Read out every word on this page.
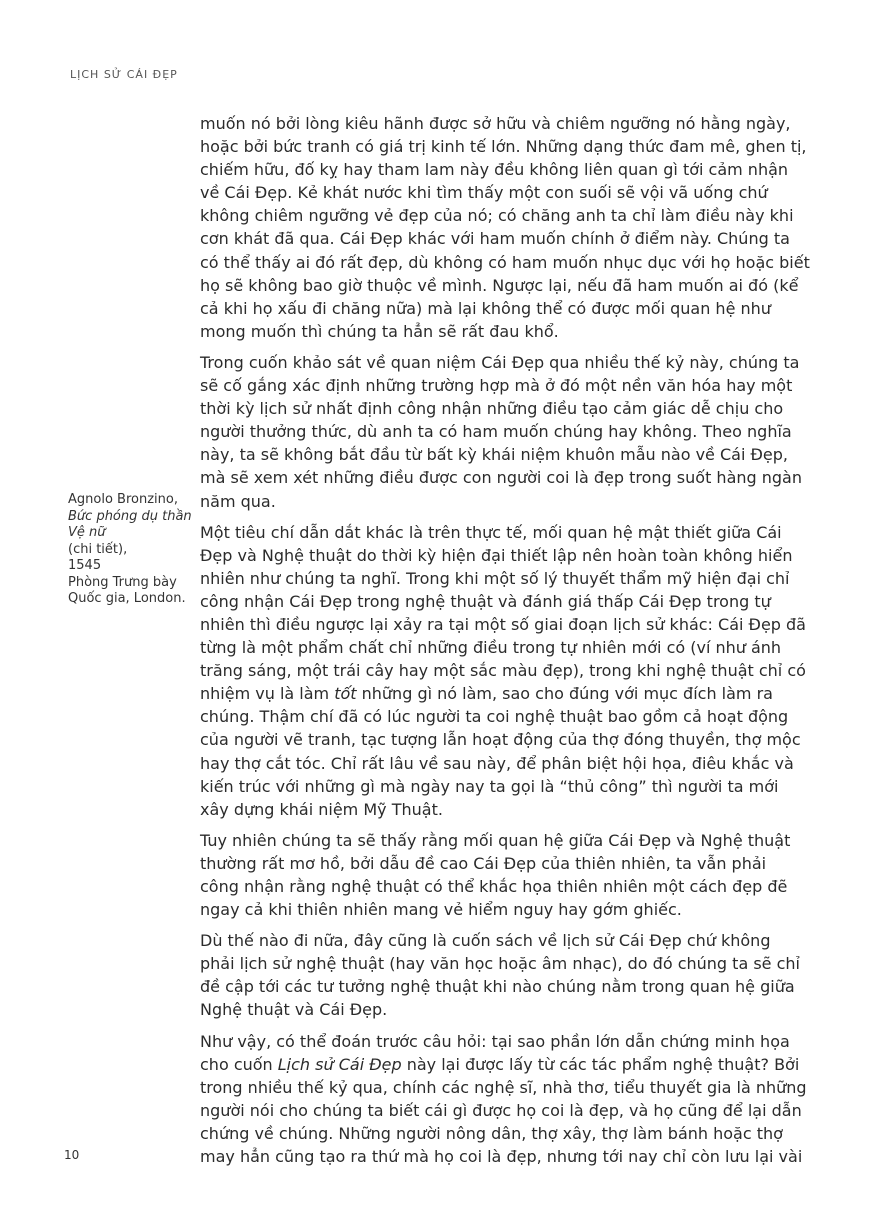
LỊCH SỬ CÁI ĐẸP

muốn nó bởi lòng kiêu hãnh được sở hữu và chiêm ngưỡng nó hằng ngày, hoặc bởi bức tranh có giá trị kinh tế lớn. Những dạng thức đam mê, ghen tị, chiếm hữu, đố kỵ hay tham lam này đều không liên quan gì tới cảm nhận về Cái Đẹp. Kẻ khát nước khi tìm thấy một con suối sẽ vội vã uống chứ không chiêm ngưỡng vẻ đẹp của nó; có chăng anh ta chỉ làm điều này khi cơn khát đã qua. Cái Đẹp khác với ham muốn chính ở điểm này. Chúng ta có thể thấy ai đó rất đẹp, dù không có ham muốn nhục dục với họ hoặc biết họ sẽ không bao giờ thuộc về mình. Ngược lại, nếu đã ham muốn ai đó (kể cả khi họ xấu đi chăng nữa) mà lại không thể có được mối quan hệ như mong muốn thì chúng ta hẳn sẽ rất đau khổ.

Trong cuốn khảo sát về quan niệm Cái Đẹp qua nhiều thế kỷ này, chúng ta sẽ cố gắng xác định những trường hợp mà ở đó một nền văn hóa hay một thời kỳ lịch sử nhất định công nhận những điều tạo cảm giác dễ chịu cho người thưởng thức, dù anh ta có ham muốn chúng hay không. Theo nghĩa này, ta sẽ không bắt đầu từ bất kỳ khái niệm khuôn mẫu nào về Cái Đẹp, mà sẽ xem xét những điều được con người coi là đẹp trong suốt hàng ngàn năm qua.

Một tiêu chí dẫn dắt khác là trên thực tế, mối quan hệ mật thiết giữa Cái Đẹp và Nghệ thuật do thời kỳ hiện đại thiết lập nên hoàn toàn không hiển nhiên như chúng ta nghĩ. Trong khi một số lý thuyết thẩm mỹ hiện đại chỉ công nhận Cái Đẹp trong nghệ thuật và đánh giá thấp Cái Đẹp trong tự nhiên thì điều ngược lại xảy ra tại một số giai đoạn lịch sử khác: Cái Đẹp đã từng là một phẩm chất chỉ những điều trong tự nhiên mới có (ví như ánh trăng sáng, một trái cây hay một sắc màu đẹp), trong khi nghệ thuật chỉ có nhiệm vụ là làm tốt những gì nó làm, sao cho đúng với mục đích làm ra chúng. Thậm chí đã có lúc người ta coi nghệ thuật bao gồm cả hoạt động của người vẽ tranh, tạc tượng lẫn hoạt động của thợ đóng thuyền, thợ mộc hay thợ cắt tóc. Chỉ rất lâu về sau này, để phân biệt hội họa, điêu khắc và kiến trúc với những gì mà ngày nay ta gọi là “thủ công” thì người ta mới xây dựng khái niệm Mỹ Thuật.

Tuy nhiên chúng ta sẽ thấy rằng mối quan hệ giữa Cái Đẹp và Nghệ thuật thường rất mơ hồ, bởi dẫu đề cao Cái Đẹp của thiên nhiên, ta vẫn phải công nhận rằng nghệ thuật có thể khắc họa thiên nhiên một cách đẹp đẽ ngay cả khi thiên nhiên mang vẻ hiểm nguy hay gớm ghiếc.

Dù thế nào đi nữa, đây cũng là cuốn sách về lịch sử Cái Đẹp chứ không phải lịch sử nghệ thuật (hay văn học hoặc âm nhạc), do đó chúng ta sẽ chỉ đề cập tới các tư tưởng nghệ thuật khi nào chúng nằm trong quan hệ giữa Nghệ thuật và Cái Đẹp.

Như vậy, có thể đoán trước câu hỏi: tại sao phần lớn dẫn chứng minh họa cho cuốn Lịch sử Cái Đẹp này lại được lấy từ các tác phẩm nghệ thuật? Bởi trong nhiều thế kỷ qua, chính các nghệ sĩ, nhà thơ, tiểu thuyết gia là những người nói cho chúng ta biết cái gì được họ coi là đẹp, và họ cũng để lại dẫn chứng về chúng. Những người nông dân, thợ xây, thợ làm bánh hoặc thợ may hẳn cũng tạo ra thứ mà họ coi là đẹp, nhưng tới nay chỉ còn lưu lại vài

Agnolo Bronzino,
Bức phóng dụ thần Vệ nữ
(chi tiết),
1545
Phòng Trưng bày Quốc gia, London.
10
